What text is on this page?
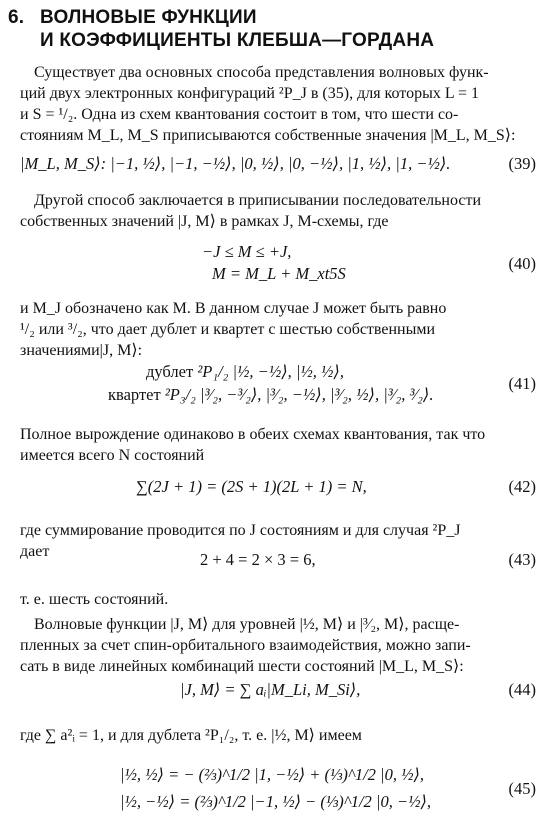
6. ВОЛНОВЫЕ ФУНКЦИИ
И КОЭФФИЦИЕНТЫ КЛЕБША—ГОРДАНА
Существует два основных способа представления волновых функ-
ций двух электронных конфигураций ²P_J в (35), для которых L = 1
и S = ¹/₂. Одна из схем квантования состоит в том, что шести со-
стояниям M_L, M_S приписываются собственные значения |M_L, M_S⟩:
|M_L, M_S⟩: |−1, ½⟩, |−1, −½⟩, |0, ½⟩, |0, −½⟩, |1, ½⟩, |1, −½⟩.	(39)
Другой способ заключается в приписывании последовательности
собственных значений |J, M⟩ в рамках J, M-схемы, где
−J ≤ M ≤ +J,
M = M_L + M_xt5S
(40)
и M_J обозначено как M. В данном случае J может быть равно
¹/₂ или ³/₂, что дает дублет и квартет с шестью собственными
значениями|J, M⟩:
дублет ²P₁/₂ |½, −½⟩, |½, ½⟩,
квартет ²P₃/₂ |³⁄₂, −³⁄₂⟩, |³⁄₂, −½⟩, |³⁄₂, ½⟩, |³⁄₂, ³⁄₂⟩.
(41)
Полное вырождение одинаково в обеих схемах квантования, так что
имеется всего N состояний
∑(2J + 1) = (2S + 1)(2L + 1) = N,	(42)
где суммирование проводится по J состояниям и для случая ²P_J
дает	2 + 4 = 2 × 3 = 6,	(43)
т. е. шесть состояний.
Волновые функции |J, M⟩ для уровней |½, M⟩ и |³⁄₂, M⟩, расще-
пленных за счет спин-орбитального взаимодействия, можно запи-
сать в виде линейных комбинаций шести состояний |M_L, M_S⟩:
|J, M⟩ = ∑ aᵢ|M_Li, M_Si⟩,	(44)
где ∑ a²ᵢ = 1, и для дублета ²P₁/₂, т. е. |½, M⟩ имеем
|½, ½⟩ = − (⅔)^1/2 |1, −½⟩ + (⅓)^1/2 |0, ½⟩,
|½, −½⟩ = (⅔)^1/2 |−1, ½⟩ − (⅓)^1/2 |0, −½⟩,
(45)
